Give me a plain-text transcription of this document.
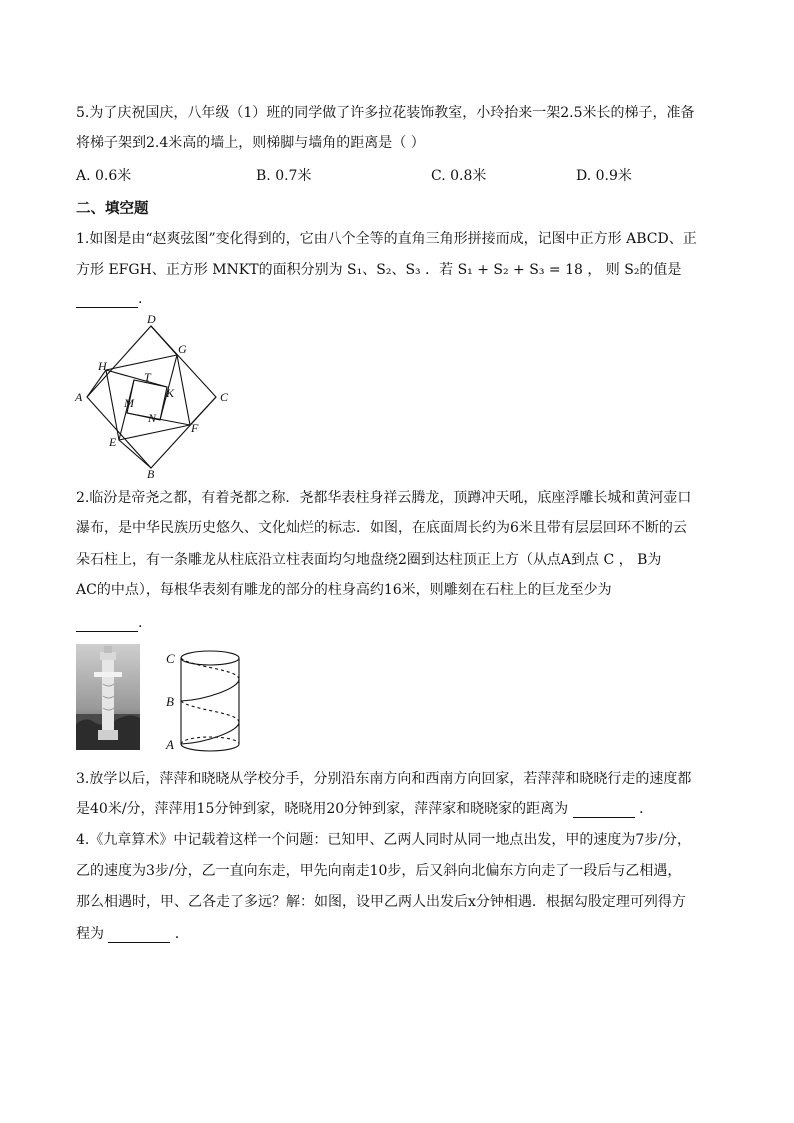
5.为了庆祝国庆，八年级（1）班的同学做了许多拉花装饰教室，小玲抬来一架2.5米长的梯子，准备
将梯子架到2.4米高的墙上，则梯脚与墙角的距离是（ ）
A. 0.6米	B. 0.7米	C. 0.8米	D. 0.9米
二、填空题
1.如图是由“赵爽弦图”变化得到的，它由八个全等的直角三角形拼接而成，记图中正方形 ABCD、正
方形 EFGH、正方形 MNKT的面积分别为 S₁、S₂、S₃ ．若 S₁ + S₂ + S₃ = 18 ， 则 S₂的值是
.
D
C
B
A
G
H
E
F
T
K
M
N
2.临汾是帝尧之都，有着尧都之称．尧都华表柱身祥云腾龙，顶蹲冲天吼，底座浮雕长城和黄河壶口
瀑布，是中华民族历史悠久、文化灿烂的标志．如图，在底面周长约为6米且带有层层回环不断的云
朵石柱上，有一条雕龙从柱底沿立柱表面均匀地盘绕2圈到达柱顶正上方（从点A到点 C ， B为
AC的中点），每根华表刻有雕龙的部分的柱身高约16米，则雕刻在石柱上的巨龙至少为
.
C
B
A
3.放学以后，萍萍和晓晓从学校分手，分别沿东南方向和西南方向回家，若萍萍和晓晓行走的速度都
是40米/分，萍萍用15分钟到家，晓晓用20分钟到家，萍萍家和晓晓家的距离为	．
4.《九章算术》中记载着这样一个问题：已知甲、乙两人同时从同一地点出发，甲的速度为7步/分，
乙的速度为3步/分，乙一直向东走，甲先向南走10步，后又斜向北偏东方向走了一段后与乙相遇，
那么相遇时，甲、乙各走了多远？解：如图，设甲乙两人出发后x分钟相遇．根据勾股定理可列得方
程为	．
